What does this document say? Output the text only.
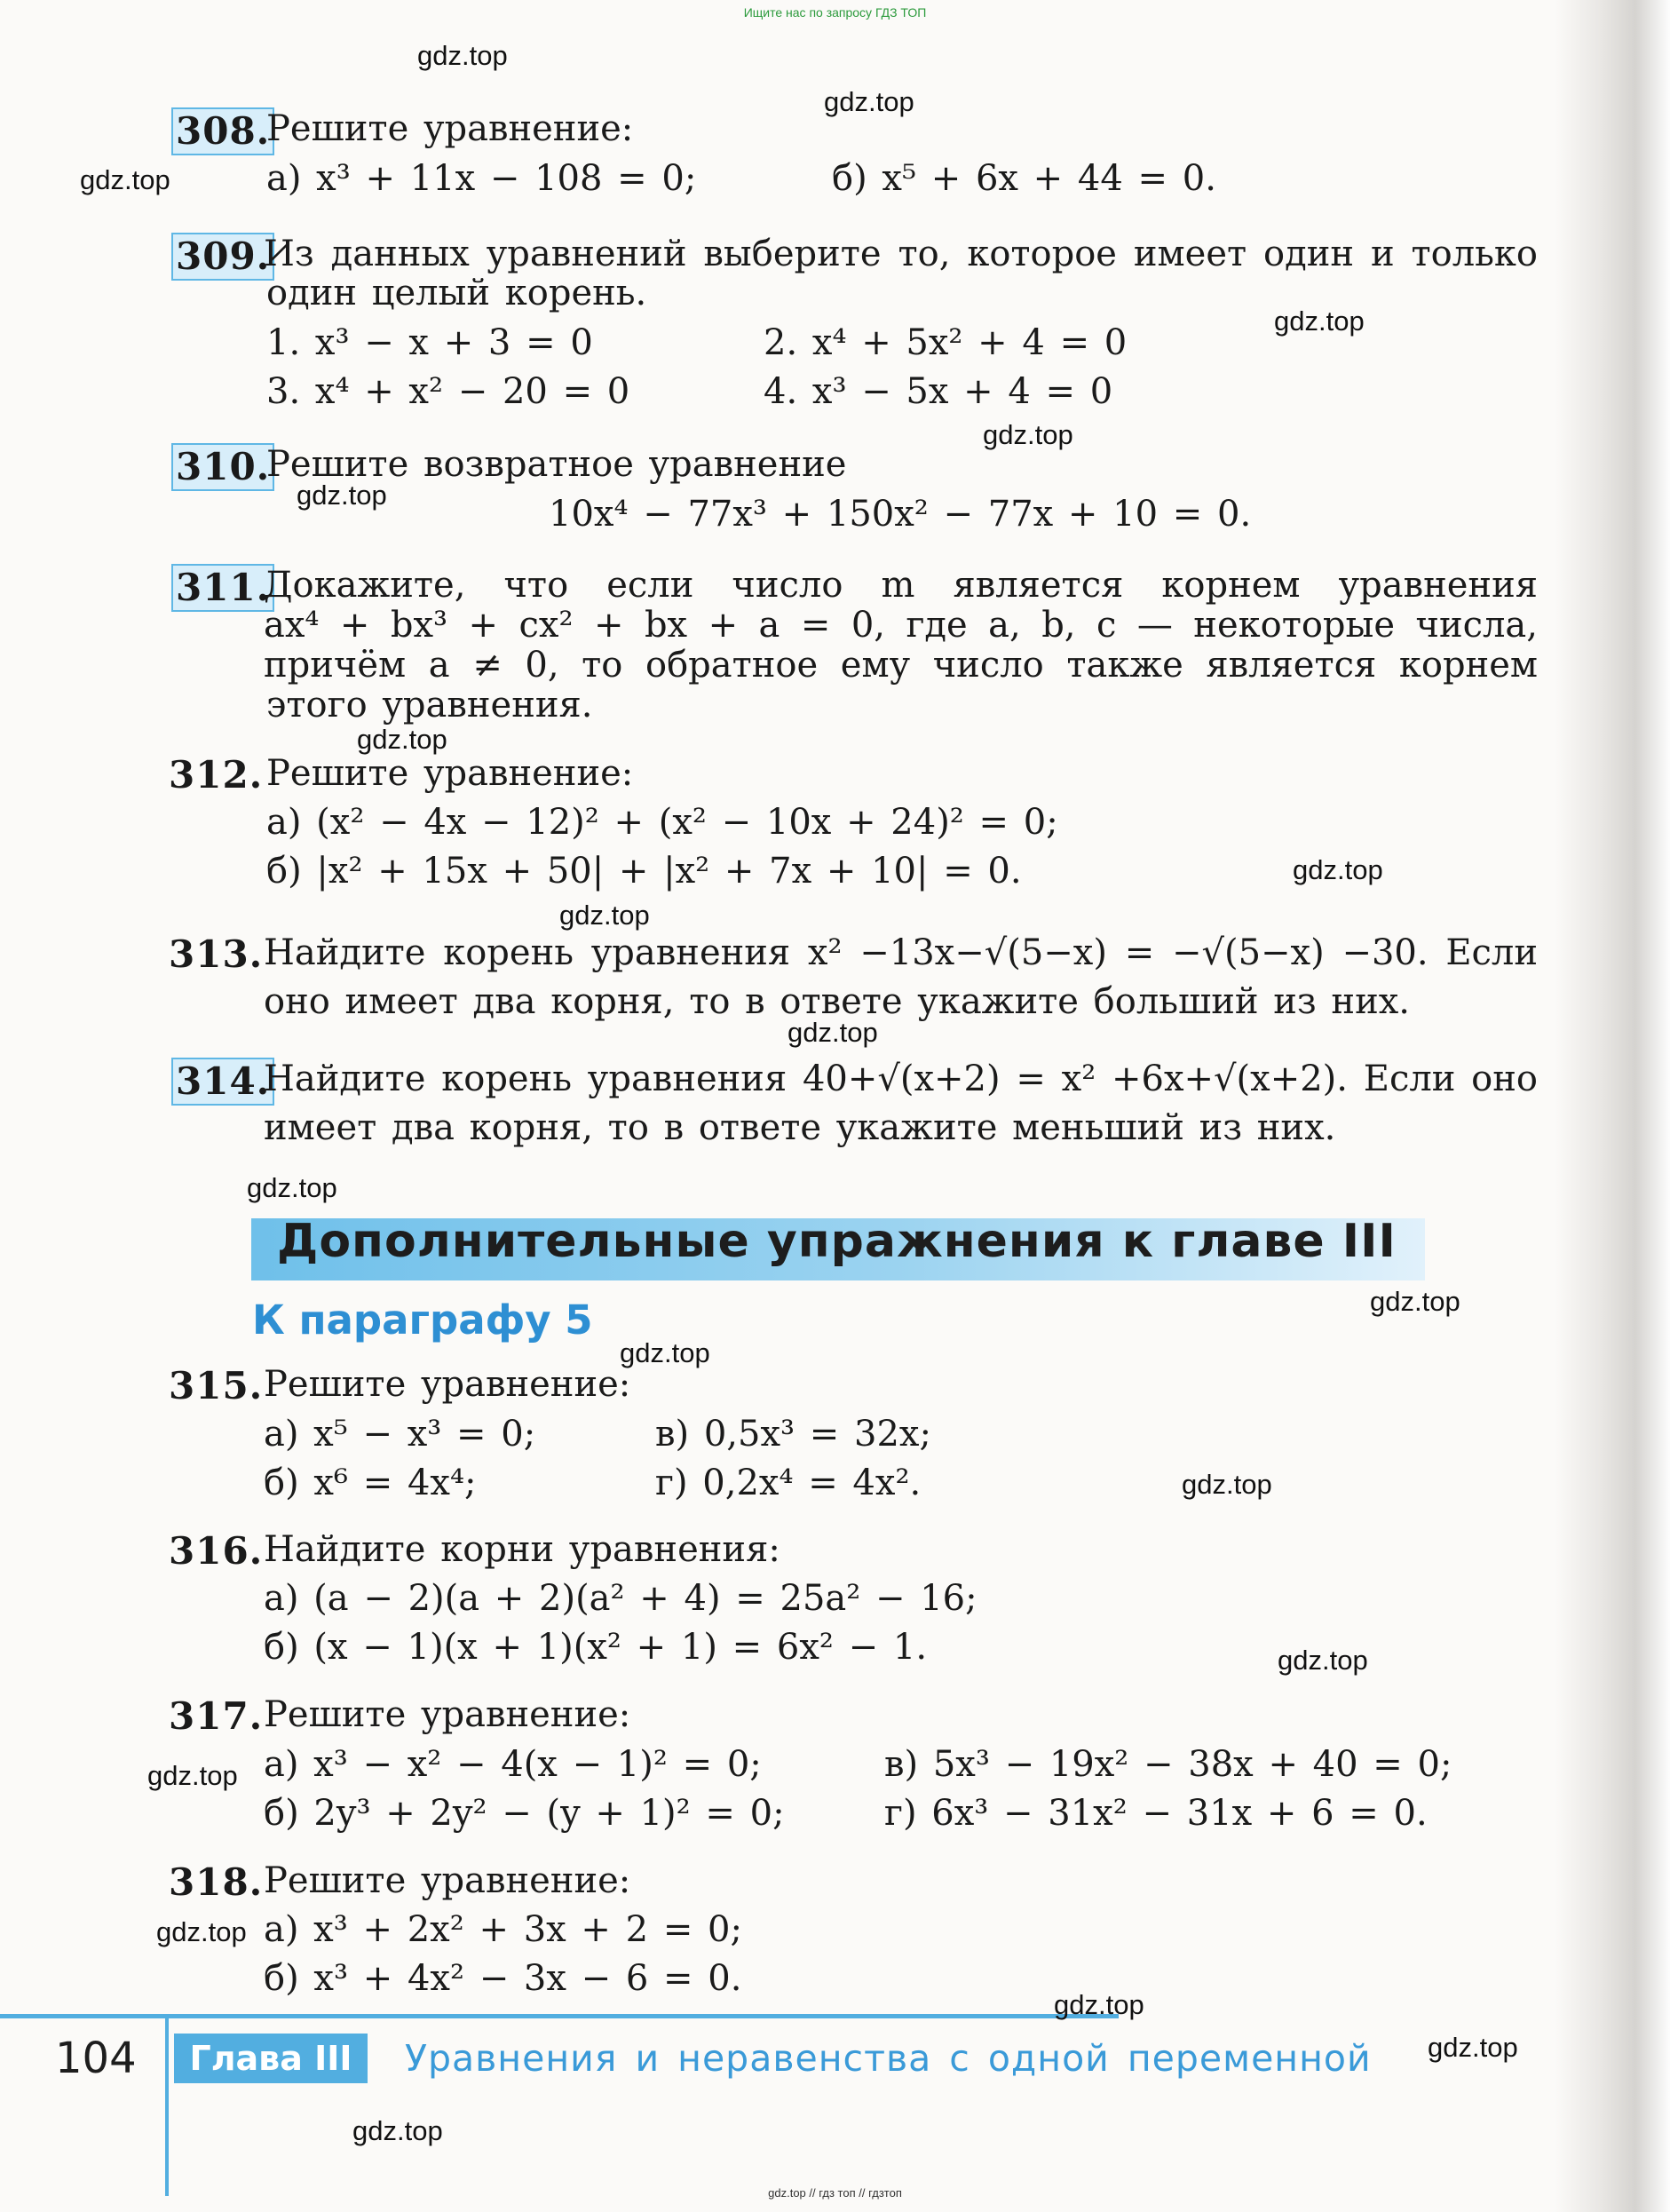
Ищите нас по запросу ГДЗ ТОП
308.
Решите уравнение:
а) x³ + 11x − 108 = 0;	б) x⁵ + 6x + 44 = 0.
309.
Из данных уравнений выберите то, которое имеет один и только
один целый корень.
1. x³ − x + 3 = 0	2. x⁴ + 5x² + 4 = 0
3. x⁴ + x² − 20 = 0	4. x³ − 5x + 4 = 0
310.
Решите возвратное уравнение
10x⁴ − 77x³ + 150x² − 77x + 10 = 0.
311.
Докажите, что если число m является корнем уравнения
ax⁴ + bx³ + cx² + bx + a = 0, где a, b, c — некоторые числа,
причём a ≠ 0, то обратное ему число также является корнем
этого уравнения.
312. Решите уравнение:
а) (x² − 4x − 12)² + (x² − 10x + 24)² = 0;
б) |x² + 15x + 50| + |x² + 7x + 10| = 0.
313. Найдите корень уравнения x² −13x−√(5−x) = −√(5−x) −30. Если
оно имеет два корня, то в ответе укажите больший из них.
314.
Найдите корень уравнения 40+√(x+2) = x² +6x+√(x+2). Если оно
имеет два корня, то в ответе укажите меньший из них.
Дополнительные упражнения к главе III
К параграфу 5
315. Решите уравнение:
а) x⁵ − x³ = 0;	в) 0,5x³ = 32x;
б) x⁶ = 4x⁴;	г) 0,2x⁴ = 4x².
316. Найдите корни уравнения:
а) (a − 2)(a + 2)(a² + 4) = 25a² − 16;
б) (x − 1)(x + 1)(x² + 1) = 6x² − 1.
317. Решите уравнение:
а) x³ − x² − 4(x − 1)² = 0;	в) 5x³ − 19x² − 38x + 40 = 0;
б) 2y³ + 2y² − (y + 1)² = 0;	г) 6x³ − 31x² − 31x + 6 = 0.
318. Решите уравнение:
а) x³ + 2x² + 3x + 2 = 0;
б) x³ + 4x² − 3x − 6 = 0.
104	Глава III	Уравнения и неравенства с одной переменной
gdz.top
gdz.top
gdz.top
gdz.top
gdz.top
gdz.top
gdz.top
gdz.top
gdz.top
gdz.top
gdz.top
gdz.top
gdz.top
gdz.top
gdz.top
gdz.top
gdz.top
gdz.top
gdz.top
gdz.top
gdz.top // гдз топ // гдзтоп
